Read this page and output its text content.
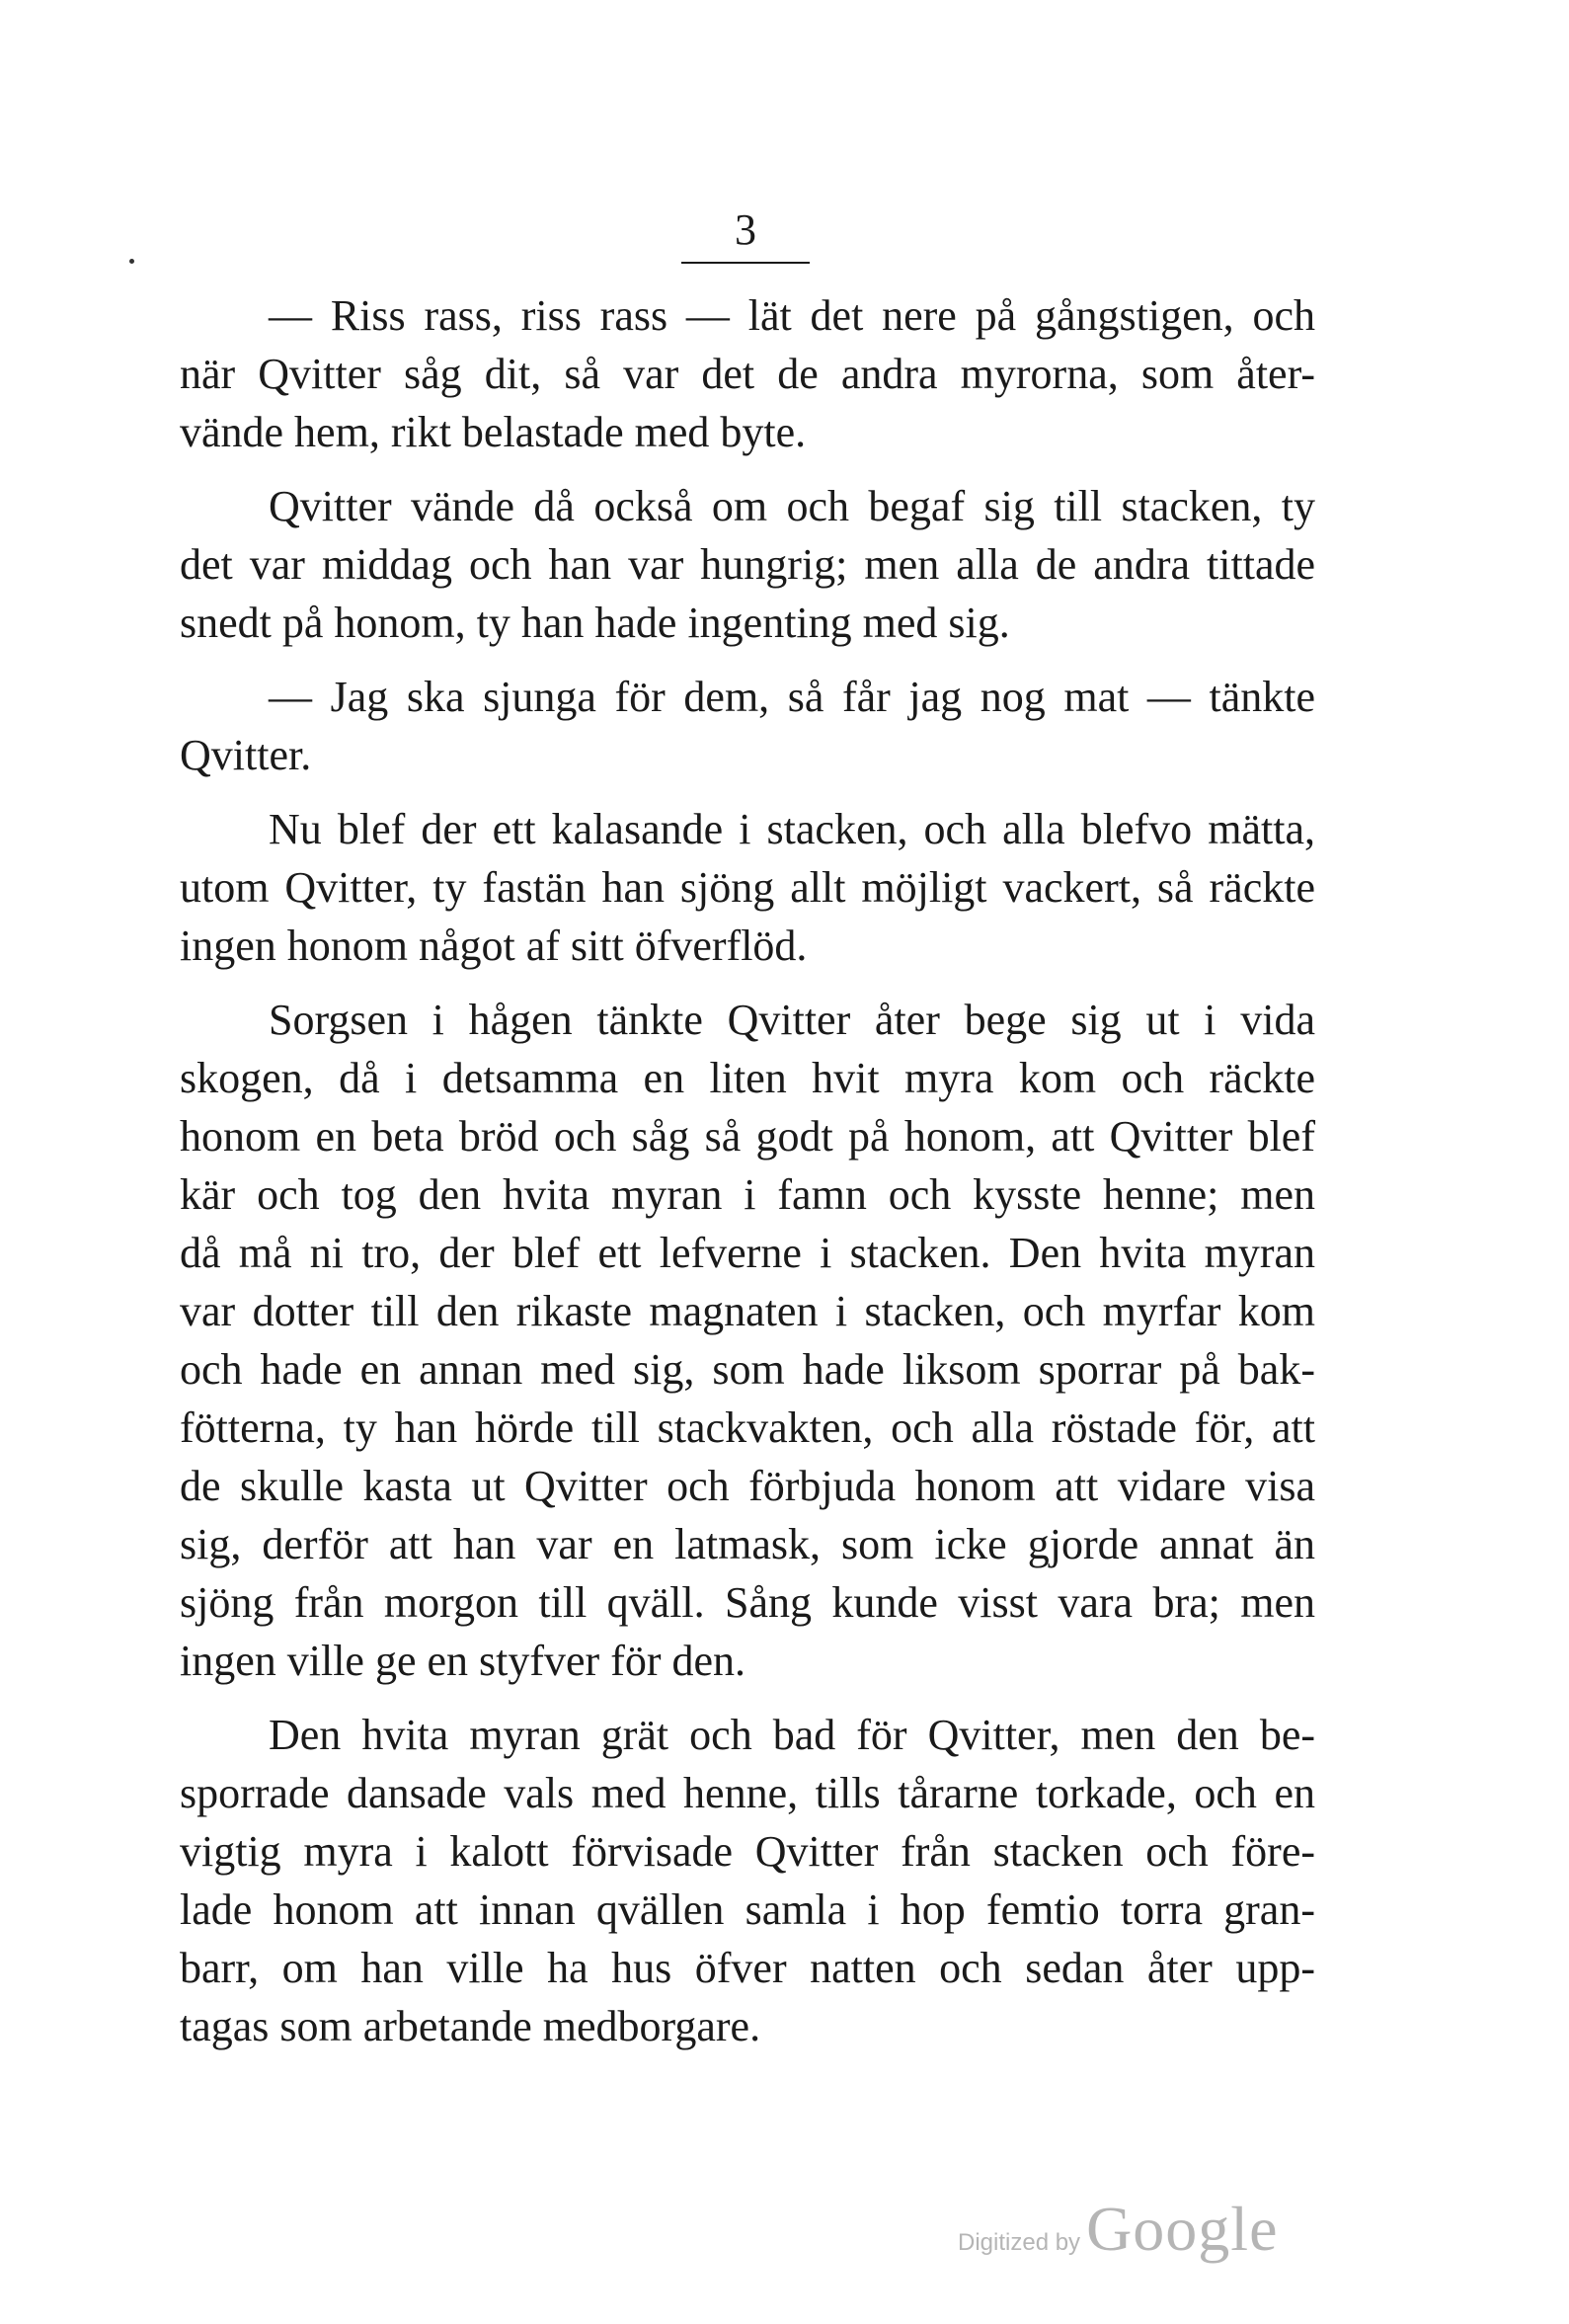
3

— Riss rass, riss rass — lät det nere på gångstigen, och
när Qvitter såg dit, så var det de andra myrorna, som åter-
vände hem, rikt belastade med byte.

Qvitter vände då också om och begaf sig till stacken, ty
det var middag och han var hungrig; men alla de andra tittade
snedt på honom, ty han hade ingenting med sig.

— Jag ska sjunga för dem, så får jag nog mat — tänkte
Qvitter.

Nu blef der ett kalasande i stacken, och alla blefvo mätta,
utom Qvitter, ty fastän han sjöng allt möjligt vackert, så räckte
ingen honom något af sitt öfverflöd.

Sorgsen i hågen tänkte Qvitter åter bege sig ut i vida
skogen, då i detsamma en liten hvit myra kom och räckte
honom en beta bröd och såg så godt på honom, att Qvitter blef
kär och tog den hvita myran i famn och kysste henne; men
då må ni tro, der blef ett lefverne i stacken. Den hvita myran
var dotter till den rikaste magnaten i stacken, och myrfar kom
och hade en annan med sig, som hade liksom sporrar på bak-
fötterna, ty han hörde till stackvakten, och alla röstade för, att
de skulle kasta ut Qvitter och förbjuda honom att vidare visa
sig, derför att han var en latmask, som icke gjorde annat än
sjöng från morgon till qväll. Sång kunde visst vara bra; men
ingen ville ge en styfver för den.

Den hvita myran grät och bad för Qvitter, men den be-
sporrade dansade vals med henne, tills tårarne torkade, och en
vigtig myra i kalott förvisade Qvitter från stacken och före-
lade honom att innan qvällen samla i hop femtio torra gran-
barr, om han ville ha hus öfver natten och sedan åter upp-
tagas som arbetande medborgare.

Digitized by Google
